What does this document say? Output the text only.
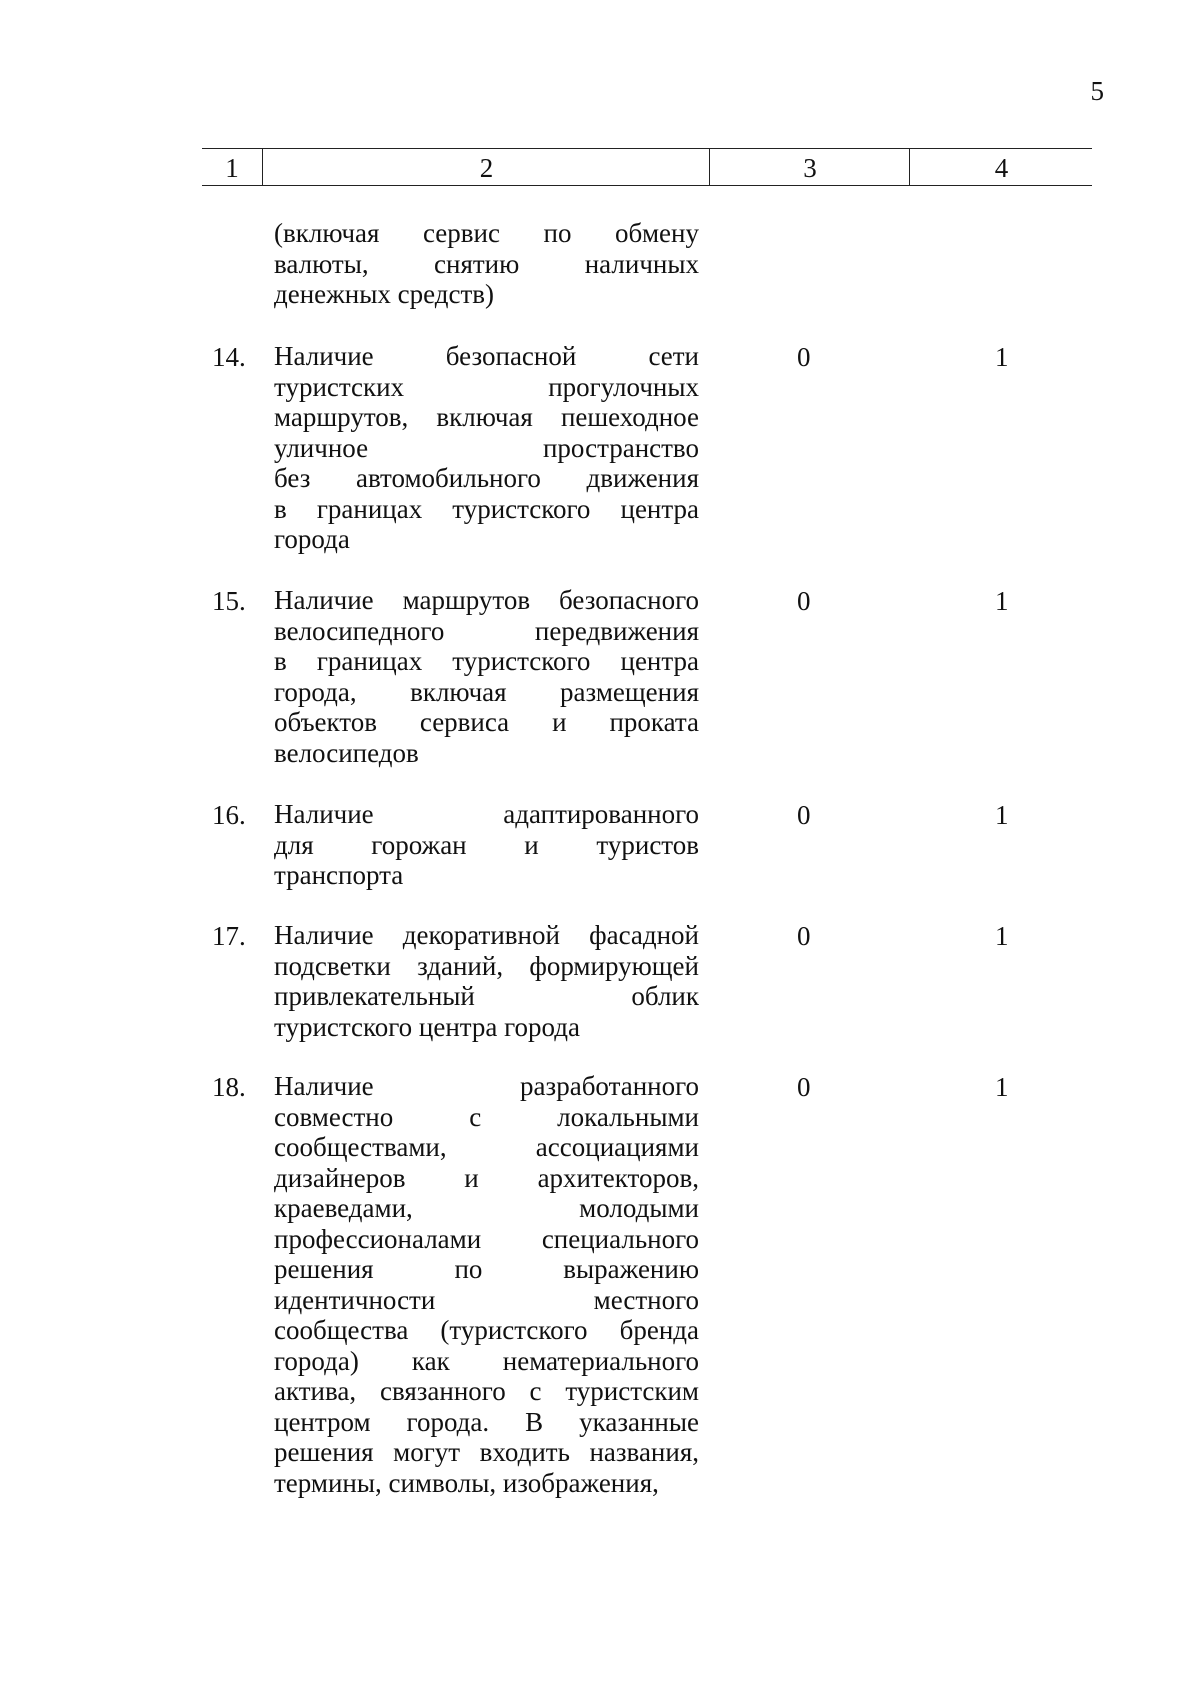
5
1	2	3	4
(включая сервис по обмену
валюты, снятию наличных
денежных средств)
14.	Наличие безопасной сети
туристских прогулочных
маршрутов, включая пешеходное
уличное пространство
без автомобильного движения
в границах туристского центра
города
0	1
15.	Наличие маршрутов безопасного
велосипедного передвижения
в границах туристского центра
города, включая размещения
объектов сервиса и проката
велосипедов
0	1
16.	Наличие адаптированного
для горожан и туристов
транспорта
0	1
17.	Наличие декоративной фасадной
подсветки зданий, формирующей
привлекательный облик
туристского центра города
0	1
18.	Наличие разработанного
совместно с локальными
сообществами, ассоциациями
дизайнеров и архитекторов,
краеведами, молодыми
профессионалами специального
решения по выражению
идентичности местного
сообщества (туристского бренда
города) как нематериального
актива, связанного с туристским
центром города. В указанные
решения могут входить названия,
термины, символы, изображения,
0	1
